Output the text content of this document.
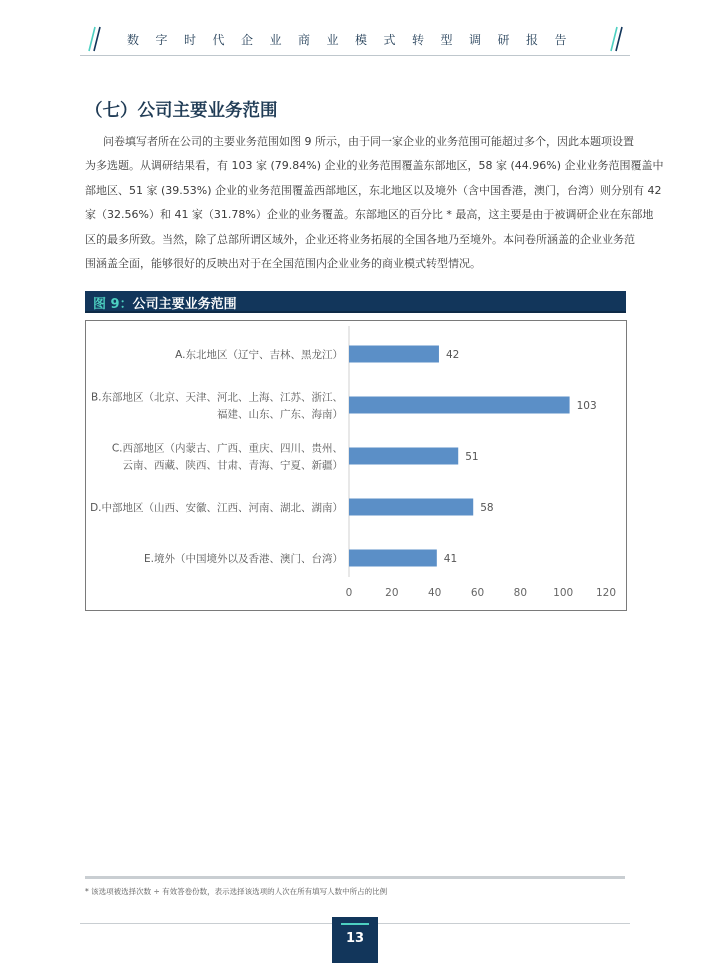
数字时代企业商业模式转型调研报告
（七）公司主要业务范围
问卷填写者所在公司的主要业务范围如图 9 所示，由于同一家企业的业务范围可能超过多个，因此本题项设置
为多选题。从调研结果看，有 103 家 (79.84%) 企业的业务范围覆盖东部地区，58 家 (44.96%) 企业业务范围覆盖中
部地区、51 家 (39.53%) 企业的业务范围覆盖西部地区，东北地区以及境外（含中国香港，澳门，台湾）则分别有 42
家（32.56%）和 41 家（31.78%）企业的业务覆盖。东部地区的百分比 * 最高，这主要是由于被调研企业在东部地
区的最多所致。当然，除了总部所谓区域外，企业还将业务拓展的全国各地乃至境外。本问卷所涵盖的企业业务范
围涵盖全面，能够很好的反映出对于在全国范围内企业业务的商业模式转型情况。
图 9：公司主要业务范围
42
A.东北地区（辽宁、吉林、黑龙江）
103
B.东部地区（北京、天津、河北、上海、江苏、浙江、
福建、山东、广东、海南）
51
C.西部地区（内蒙古、广西、重庆、四川、贵州、
云南、西藏、陕西、甘肃、青海、宁夏、新疆）
58
D.中部地区（山西、安徽、江西、河南、湖北、湖南）
41
E.境外（中国境外以及香港、澳门、台湾）
0	20	40	60	80 100 120
* 该选项被选择次数 ÷ 有效答卷份数，表示选择该选项的人次在所有填写人数中所占的比例
13
